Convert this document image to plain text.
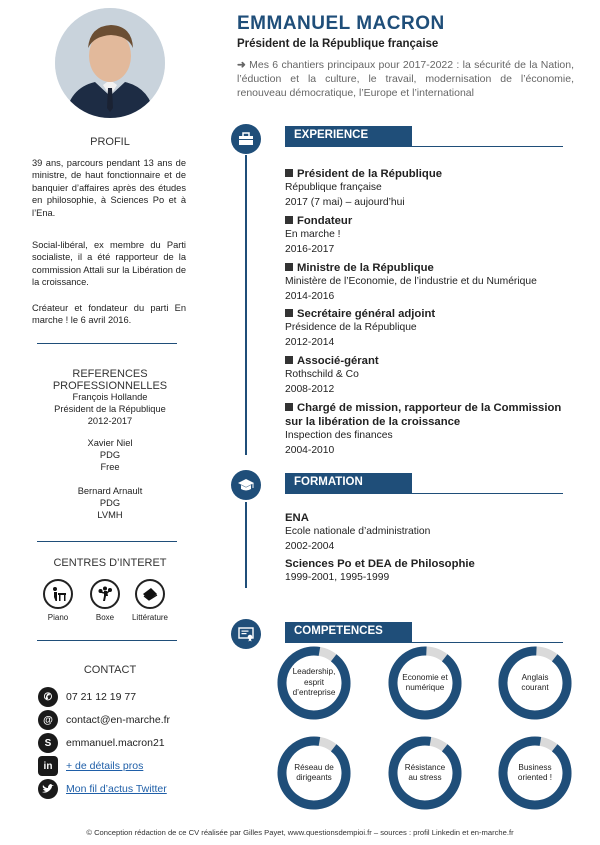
PROFIL
39 ans, parcours pendant 13 ans de ministre, de haut fonctionnaire et de banquier d’affaires après des études en philosophie, à Sciences Po et à l’Ena.
Social-libéral, ex membre du Parti socialiste, il a été rapporteur de la commission Attali sur la Libération de la croissance.
Créateur et fondateur du parti En marche ! le 6 avril 2016.
REFERENCES PROFESSIONNELLES
François Hollande
Président de la République
2012-2017
Xavier Niel
PDG
Free
Bernard Arnault
PDG
LVMH
CENTRES D’INTERET
Piano	Boxe	Littérature
CONTACT
✆	07 21 12 19 77
@	contact@en-marche.fr
S	emmanuel.macron21
in	+ de détails pros
Mon fil d’actus Twitter
EMMANUEL MACRON
Président de la République française
➜ Mes 6 chantiers principaux pour 2017-2022 : la sécurité de la Nation, l’éduction et la culture, le travail, modernisation de l’économie, renouveau démocratique, l’Europe et l’international
EXPERIENCE
Président de la République
République française
2017 (7 mai) – aujourd’hui
Fondateur
En marche !
2016-2017
Ministre de la République
Ministère de l’Economie, de l’industrie et du Numérique
2014-2016
Secrétaire général adjoint
Présidence de la République
2012-2014
Associé-gérant
Rothschild & Co
2008-2012
Chargé de mission, rapporteur de la Commission
sur la libération de la croissance
Inspection des finances
2004-2010
FORMATION
ENA
Ecole nationale d’administration
2002-2004
Sciences Po et DEA de Philosophie
1999-2001, 1995-1999
COMPETENCES
Leadership,
esprit
d’entreprise
Economie et
numérique
Anglais
courant
Réseau de
dirigeants
Résistance
au stress
Business
oriented !
© Conception rédaction de ce CV réalisée par Gilles Payet, www.questionsdempioi.fr – sources : profil Linkedin et en-marche.fr
